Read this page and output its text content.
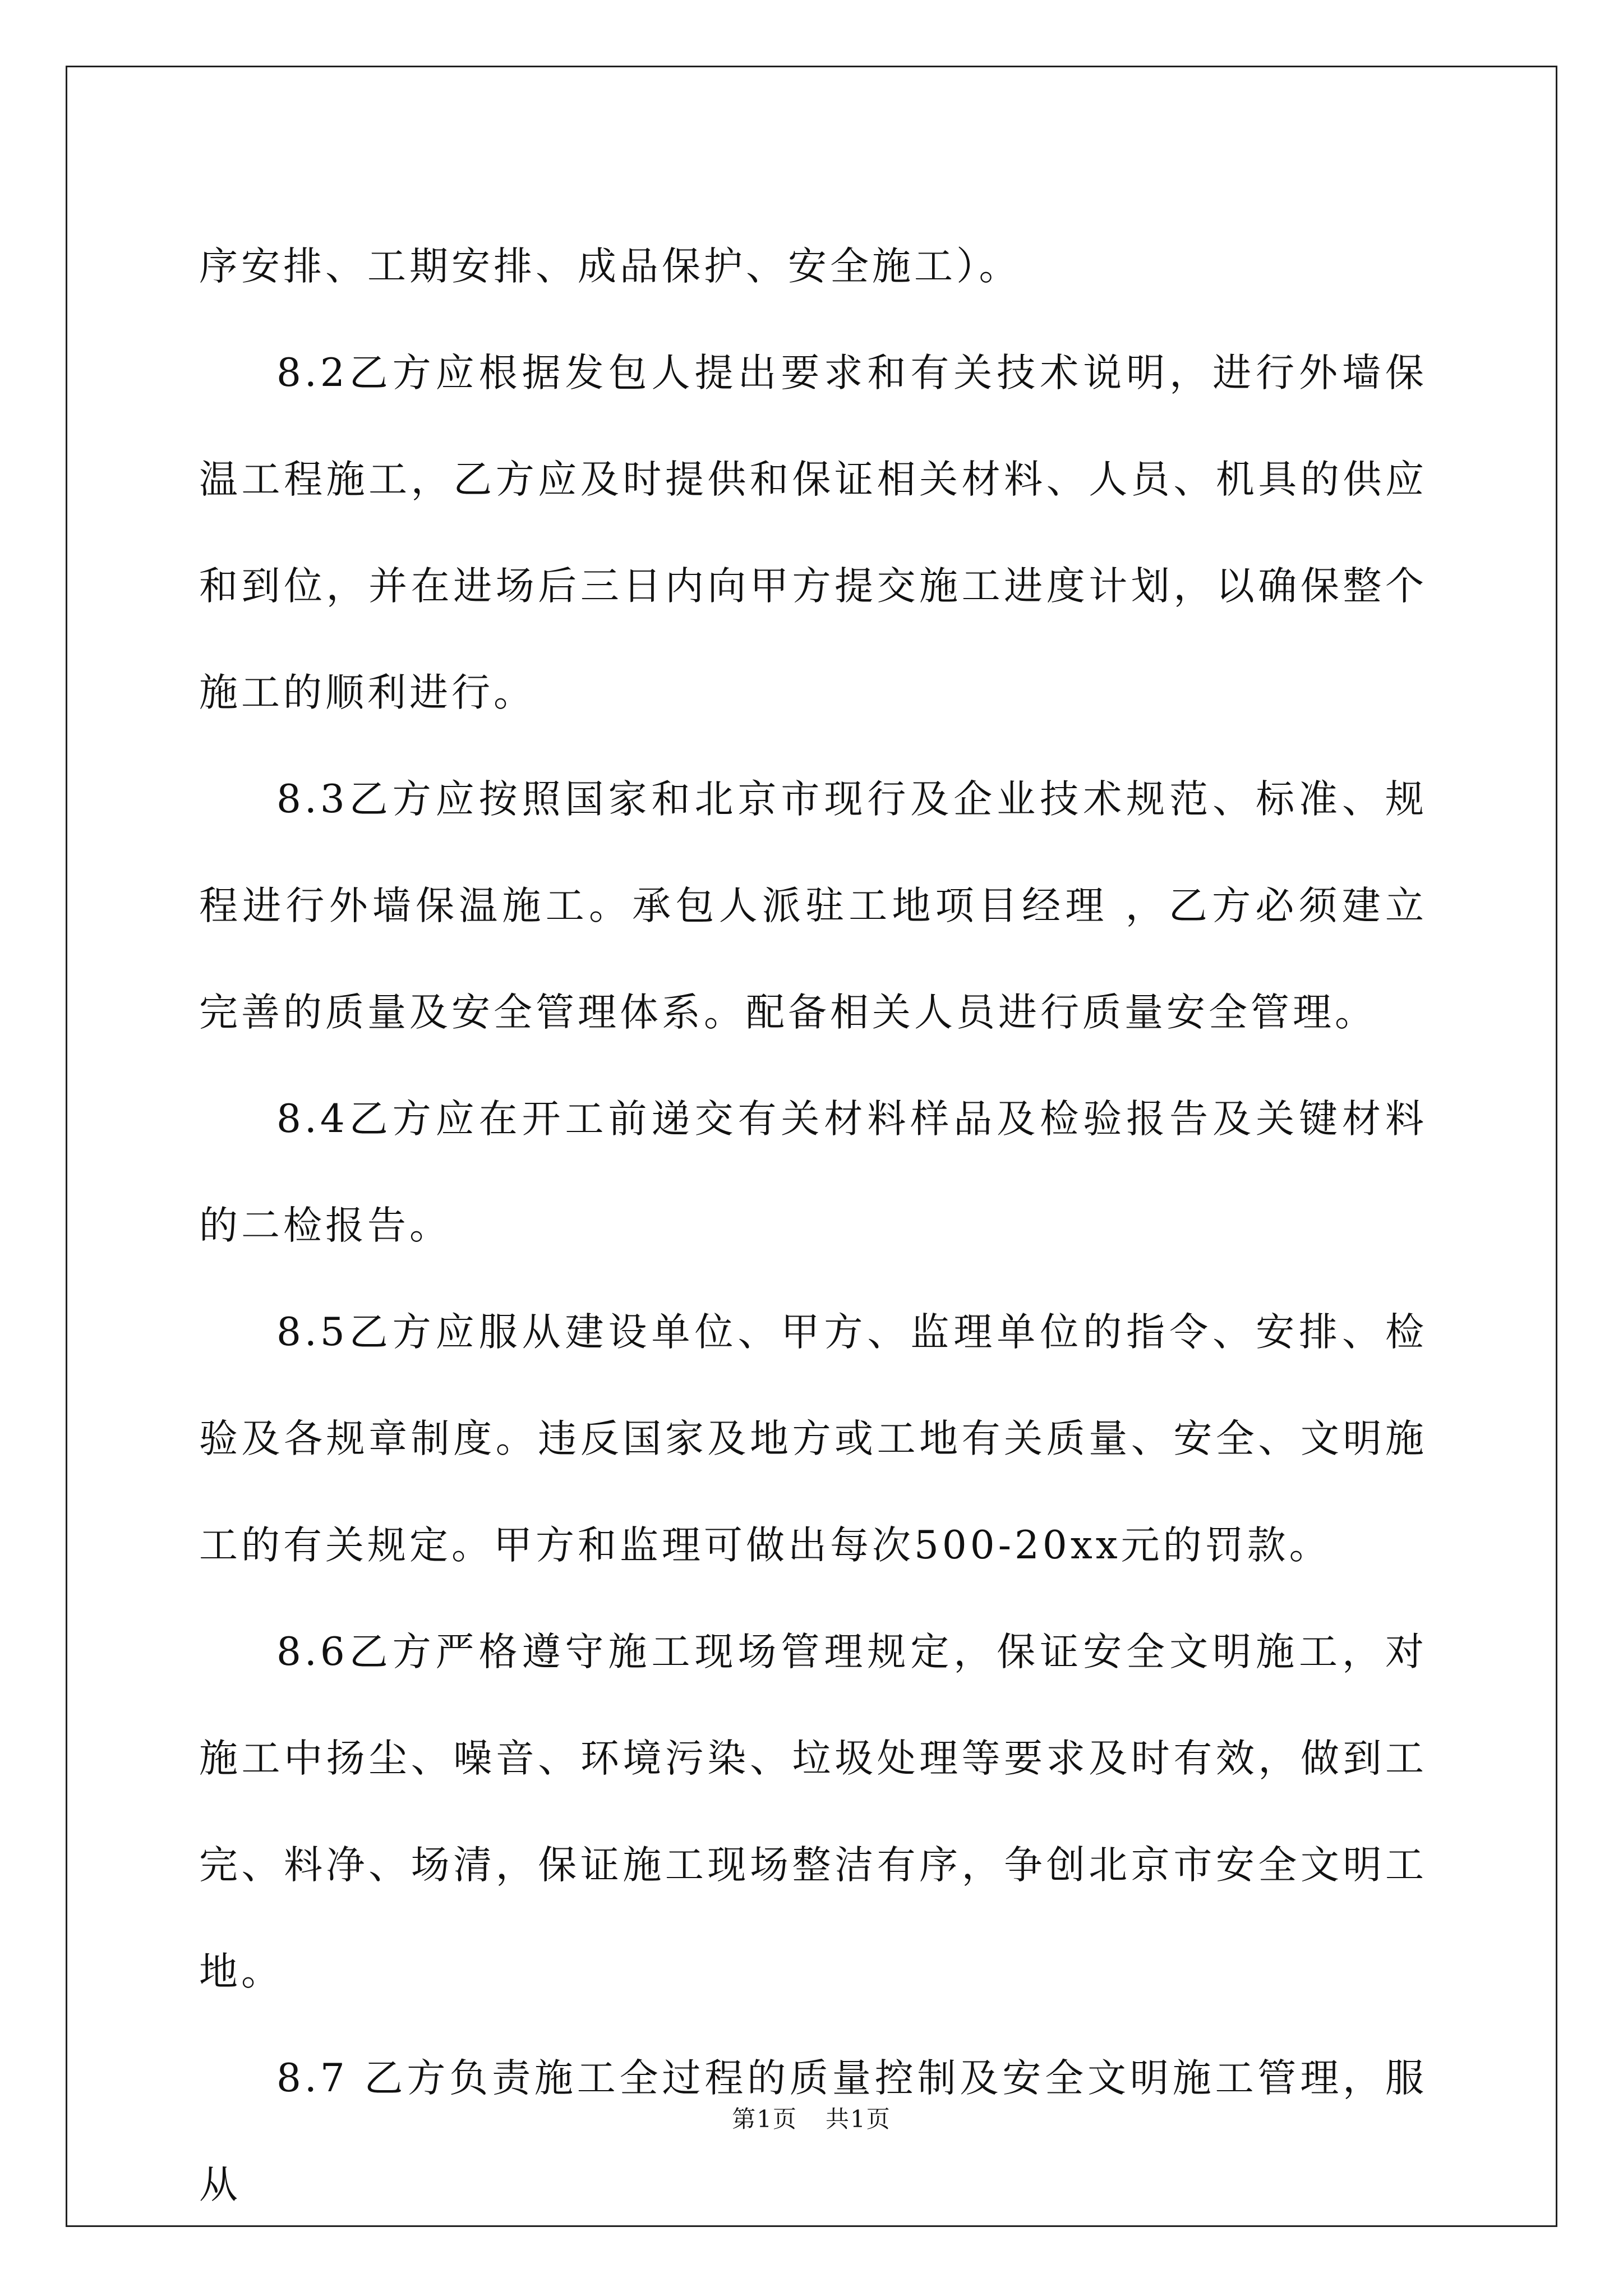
序安排、工期安排、成品保护、安全施工）。

8.2乙方应根据发包人提出要求和有关技术说明，进行外墙保温工程施工，乙方应及时提供和保证相关材料、人员、机具的供应和到位，并在进场后三日内向甲方提交施工进度计划，以确保整个施工的顺利进行。

8.3乙方应按照国家和北京市现行及企业技术规范、标准、规程进行外墙保温施工。承包人派驻工地项目经理 ，乙方必须建立完善的质量及安全管理体系。配备相关人员进行质量安全管理。

8.4乙方应在开工前递交有关材料样品及检验报告及关键材料的二检报告。

8.5乙方应服从建设单位、甲方、监理单位的指令、安排、检验及各规章制度。违反国家及地方或工地有关质量、安全、文明施工的有关规定。甲方和监理可做出每次500-20xx元的罚款。

8.6乙方严格遵守施工现场管理规定，保证安全文明施工，对施工中扬尘、噪音、环境污染、垃圾处理等要求及时有效，做到工完、料净、场清，保证施工现场整洁有序，争创北京市安全文明工地。

8.7 乙方负责施工全过程的质量控制及安全文明施工管理，服从

第1页 共1页
